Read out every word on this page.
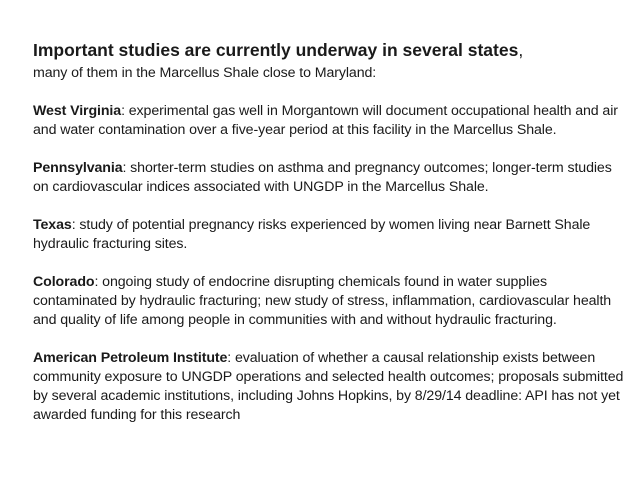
Important studies are currently underway in several states,

many of them in the Marcellus Shale close to Maryland:

West Virginia: experimental gas well in Morgantown will document occupational health and air and water contamination over a five-year period at this facility in the Marcellus Shale.

Pennsylvania: shorter-term studies on asthma and pregnancy outcomes; longer-term studies on cardiovascular indices associated with UNGDP in the Marcellus Shale.

Texas: study of potential pregnancy risks experienced by women living near Barnett Shale hydraulic fracturing sites.

Colorado: ongoing study of endocrine disrupting chemicals found in water supplies contaminated by hydraulic fracturing; new study of stress, inflammation, cardiovascular health and quality of life among people in communities with and without hydraulic fracturing.

American Petroleum Institute: evaluation of whether a causal relationship exists between community exposure to UNGDP operations and selected health outcomes; proposals submitted by several academic institutions, including Johns Hopkins, by 8/29/14 deadline: API has not yet awarded funding for this research
